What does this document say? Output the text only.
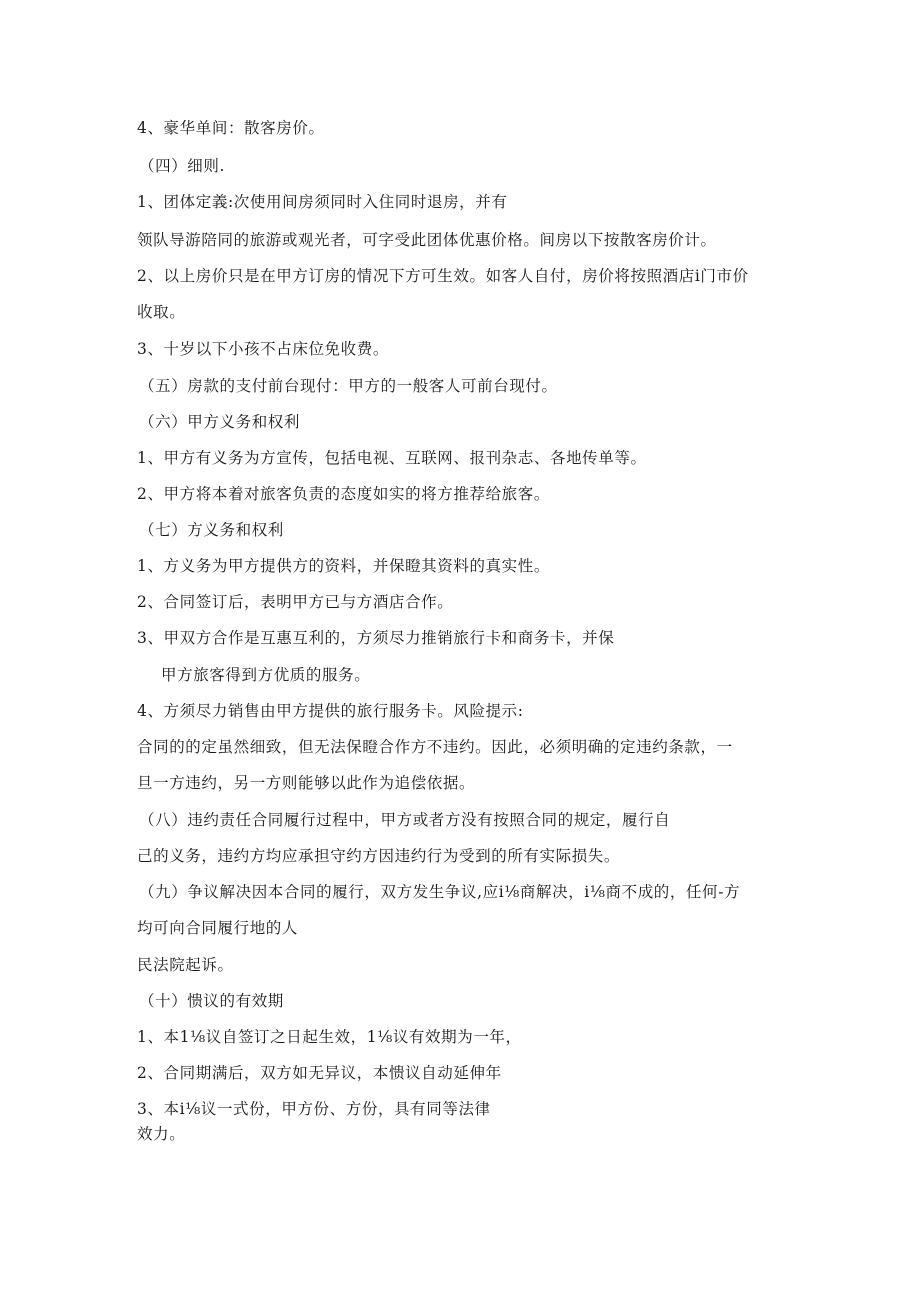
4、豪华单间：散客房价。
（四）细则.
1、团体定義:次使用间房须同时入住同时退房，并有
领队导游陪同的旅游或观光者，可字受此团体优惠价格。间房以下按散客房价计。
2、以上房价只是在甲方订房的情况下方可生效。如客人自付，房价将按照酒店i门市价
收取。
3、十岁以下小孩不占床位免收费。
（五）房款的支付前台现付：甲方的一般客人可前台现付。
（六）甲方义务和权利
1、甲方有义务为方宣传，包括电视、互联网、报刊杂志、各地传单等。
2、甲方将本着对旅客负责的态度如实的将方推荐给旅客。
（七）方义务和权利
1、方义务为甲方提供方的资料，并保瞪其资料的真实性。
2、合同签订后，表明甲方已与方酒店合作。
3、甲双方合作是互惠互利的，方须尽力推销旅行卡和商务卡，并保
甲方旅客得到方优质的服务。
4、方须尽力销售由甲方提供的旅行服务卡。风险提示:
合同的的定虽然细致，但无法保瞪合作方不违约。因此，必须明确的定违约条款，一
旦一方违约，另一方则能够以此作为追偿依据。
（八）违约责任合同履行过程中，甲方或者方没有按照合同的规定，履行自
己的义务，违约方均应承担守约方因违约行为受到的所有实际损失。
（九）争议解决因本合同的履行，双方发生争议,应i⅛商解决，i⅛商不成的，任何-方
均可向合同履行地的人
民法院起诉。
（十）愦议的有效期
1、本1⅛议自签订之日起生效，1⅛议有效期为一年，
2、合同期满后，双方如无异议，本愦议自动延伸年
3、本i⅛议一式份，甲方份、方份，具有同等法律
效力。
